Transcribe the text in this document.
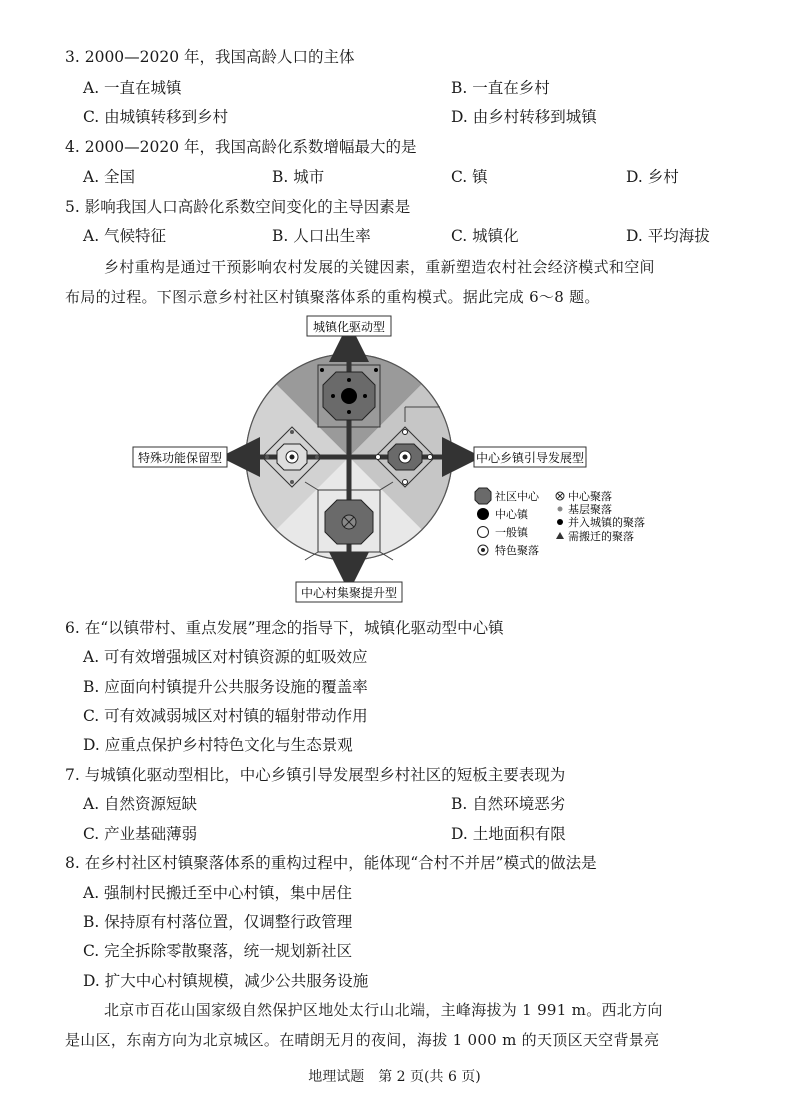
3. 2000—2020 年，我国高龄人口的主体
A. 一直在城镇	B. 一直在乡村
C. 由城镇转移到乡村	D. 由乡村转移到城镇
4. 2000—2020 年，我国高龄化系数增幅最大的是
A. 全国	B. 城市	C. 镇	D. 乡村
5. 影响我国人口高龄化系数空间变化的主导因素是
A. 气候特征	B. 人口出生率	C. 城镇化	D. 平均海拔
乡村重构是通过干预影响农村发展的关键因素，重新塑造农村社会经济模式和空间
布局的过程。下图示意乡村社区村镇聚落体系的重构模式。据此完成 6～8 题。
城镇化驱动型
特殊功能保留型	中心乡镇引导发展型
中心村集聚提升型
社区中心
中心镇
一般镇
特色聚落
中心聚落
基层聚落
并入城镇的聚落
需搬迁的聚落
6. 在“以镇带村、重点发展”理念的指导下，城镇化驱动型中心镇
A. 可有效增强城区对村镇资源的虹吸效应
B. 应面向村镇提升公共服务设施的覆盖率
C. 可有效减弱城区对村镇的辐射带动作用
D. 应重点保护乡村特色文化与生态景观
7. 与城镇化驱动型相比，中心乡镇引导发展型乡村社区的短板主要表现为
A. 自然资源短缺	B. 自然环境恶劣
C. 产业基础薄弱	D. 土地面积有限
8. 在乡村社区村镇聚落体系的重构过程中，能体现“合村不并居”模式的做法是
A. 强制村民搬迁至中心村镇，集中居住
B. 保持原有村落位置，仅调整行政管理
C. 完全拆除零散聚落，统一规划新社区
D. 扩大中心村镇规模，减少公共服务设施
北京市百花山国家级自然保护区地处太行山北端，主峰海拔为 1 991 m。西北方向
是山区，东南方向为北京城区。在晴朗无月的夜间，海拔 1 000 m 的天顶区天空背景亮
地理试题　第 2 页(共 6 页)
